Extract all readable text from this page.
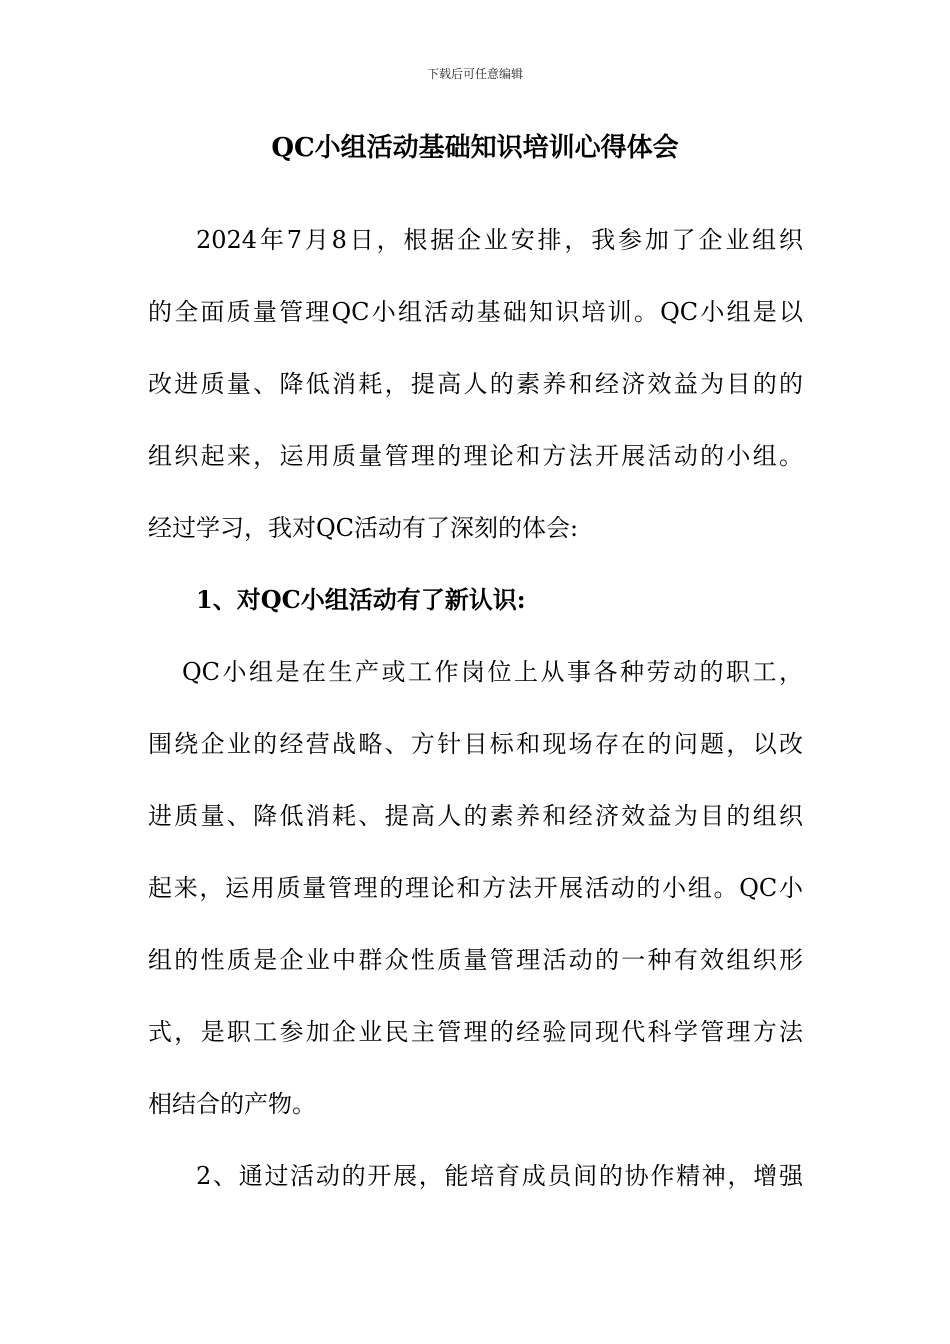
下载后可任意编辑
QC小组活动基础知识培训心得体会
2024年7月8日，根据企业安排，我参加了企业组织
的全面质量管理QC小组活动基础知识培训。QC小组是以
改进质量、降低消耗，提高人的素养和经济效益为目的的
组织起来，运用质量管理的理论和方法开展活动的小组。
经过学习，我对QC活动有了深刻的体会:
1、对QC小组活动有了新认识:
QC小组是在生产或工作岗位上从事各种劳动的职工，
围绕企业的经营战略、方针目标和现场存在的问题，以改
进质量、降低消耗、提高人的素养和经济效益为目的组织
起来，运用质量管理的理论和方法开展活动的小组。QC小
组的性质是企业中群众性质量管理活动的一种有效组织形
式，是职工参加企业民主管理的经验同现代科学管理方法
相结合的产物。
2、通过活动的开展，能培育成员间的协作精神，增强
